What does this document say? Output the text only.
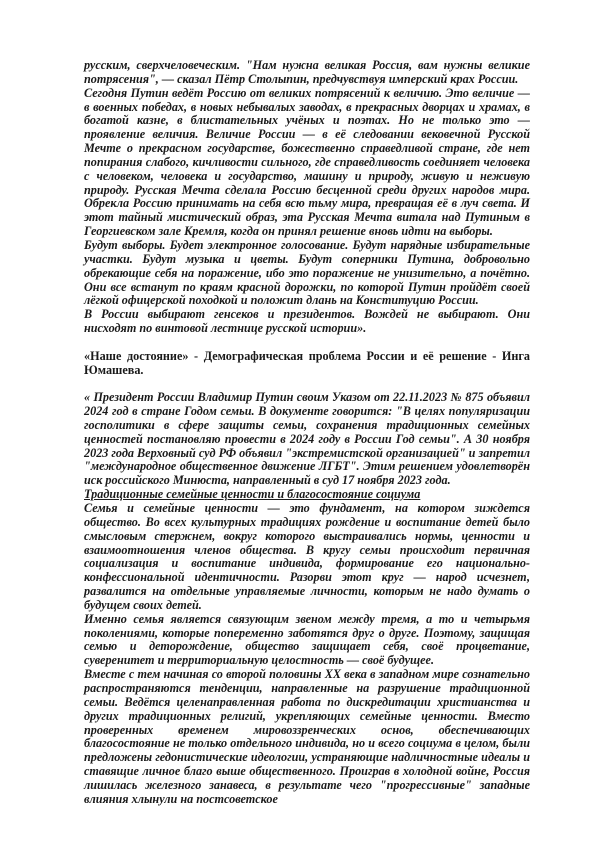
русским, сверхчеловеческим. "Нам нужна великая Россия, вам нужны великие потрясения", — сказал Пётр Столыпин, предчувствуя имперский крах России.

Сегодня Путин ведёт Россию от великих потрясений к величию. Это величие — в военных победах, в новых небывалых заводах, в прекрасных дворцах и храмах, в богатой казне, в блистательных учёных и поэтах. Но не только это — проявление величия. Величие России — в её следовании вековечной Русской Мечте о прекрасном государстве, божественно справедливой стране, где нет попирания слабого, кичливости сильного, где справедливость соединяет человека с человеком, человека и государство, машину и природу, живую и неживую природу. Русская Мечта сделала Россию бесценной среди других народов мира. Обрекла Россию принимать на себя всю тьму мира, превращая её в луч света. И этот тайный мистический образ, эта Русская Мечта витала над Путиным в Георгиевском зале Кремля, когда он принял решение вновь идти на выборы.

Будут выборы. Будет электронное голосование. Будут нарядные избирательные участки. Будут музыка и цветы. Будут соперники Путина, добровольно обрекающие себя на поражение, ибо это поражение не унизительно, а почётно. Они все встанут по краям красной дорожки, по которой Путин пройдёт своей лёгкой офицерской походкой и положит длань на Конституцию России.

В России выбирают генсеков и президентов. Вождей не выбирают. Они нисходят по винтовой лестнице русской истории».

«Наше достояние» - Демографическая проблема России и её решение - Инга Юмашева.

« Президент России Владимир Путин своим Указом от 22.11.2023 № 875 объявил 2024 год в стране Годом семьи. В документе говорится: "В целях популяризации госполитики в сфере защиты семьи, сохранения традиционных семейных ценностей постановляю провести в 2024 году в России Год семьи". А 30 ноября 2023 года Верховный суд РФ объявил "экстремистской организацией" и запретил "международное общественное движение ЛГБТ". Этим решением удовлетворён иск российского Минюста, направленный в суд 17 ноября 2023 года.

Традиционные семейные ценности и благосостояние социума

Семья и семейные ценности — это фундамент, на котором зиждется общество. Во всех культурных традициях рождение и воспитание детей было смысловым стержнем, вокруг которого выстраивались нормы, ценности и взаимоотношения членов общества. В кругу семьи происходит первичная социализация и воспитание индивида, формирование его национально-конфессиональной идентичности. Разорви этот круг — народ исчезнет, развалится на отдельные управляемые личности, которым не надо думать о будущем своих детей.

Именно семья является связующим звеном между тремя, а то и четырьмя поколениями, которые попеременно заботятся друг о друге. Поэтому, защищая семью и деторождение, общество защищает себя, своё процветание, суверенитет и территориальную целостность — своё будущее.

Вместе с тем начиная со второй половины XX века в западном мире сознательно распространяются тенденции, направленные на разрушение традиционной семьи. Ведётся целенаправленная работа по дискредитации христианства и других традиционных религий, укрепляющих семейные ценности. Вместо проверенных временем мировоззренческих основ, обеспечивающих благосостояние не только отдельного индивида, но и всего социума в целом, были предложены гедонистические идеологии, устраняющие надличностные идеалы и ставящие личное благо выше общественного. Проиграв в холодной войне, Россия лишилась железного занавеса, в результате чего "прогрессивные" западные влияния хлынули на постсоветское
